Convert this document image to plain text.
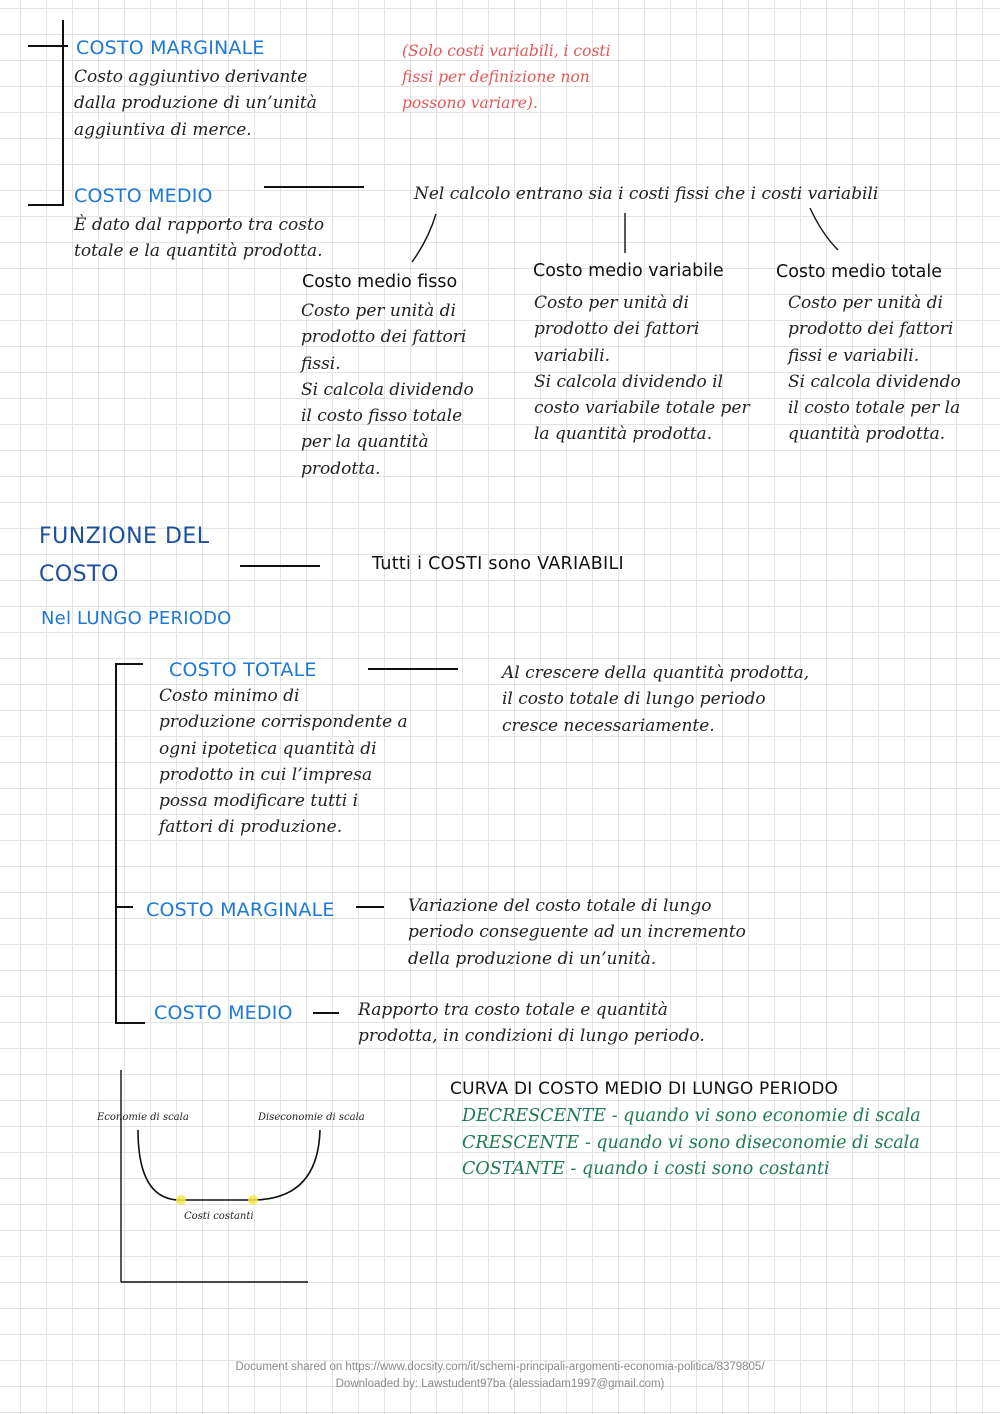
COSTO MARGINALE
Costo aggiuntivo derivante
dalla produzione di un’unità
aggiuntiva di merce.
(Solo costi variabili, i costi
fissi per definizione non
possono variare).
COSTO MEDIO
È dato dal rapporto tra costo
totale e la quantità prodotta.
Nel calcolo entrano sia i costi fissi che i costi variabili
Costo medio fisso
Costo per unità di
prodotto dei fattori
fissi.
Si calcola dividendo
il costo fisso totale
per la quantità
prodotta.
Costo medio variabile
Costo per unità di
prodotto dei fattori
variabili.
Si calcola dividendo il
costo variabile totale per
la quantità prodotta.
Costo medio totale
Costo per unità di
prodotto dei fattori
fissi e variabili.
Si calcola dividendo
il costo totale per la
quantità prodotta.
FUNZIONE DEL
COSTO	Tutti i COSTI sono VARIABILI
Nel LUNGO PERIODO
COSTO TOTALE
Costo minimo di
produzione corrispondente a
ogni ipotetica quantità di
prodotto in cui l’impresa
possa modificare tutti i
fattori di produzione.
Al crescere della quantità prodotta,
il costo totale di lungo periodo
cresce necessariamente.
COSTO MARGINALE	Variazione del costo totale di lungo
periodo conseguente ad un incremento
della produzione di un’unità.
COSTO MEDIO	Rapporto tra costo totale e quantità
prodotta, in condizioni di lungo periodo.
Economie di scala	Diseconomie di scala
Costi costanti
CURVA DI COSTO MEDIO DI LUNGO PERIODO
DECRESCENTE - quando vi sono economie di scala
CRESCENTE - quando vi sono diseconomie di scala
COSTANTE - quando i costi sono costanti
Document shared on https://www.docsity.com/it/schemi-principali-argomenti-economia-politica/8379805/
Downloaded by: Lawstudent97ba (alessiadam1997@gmail.com)
